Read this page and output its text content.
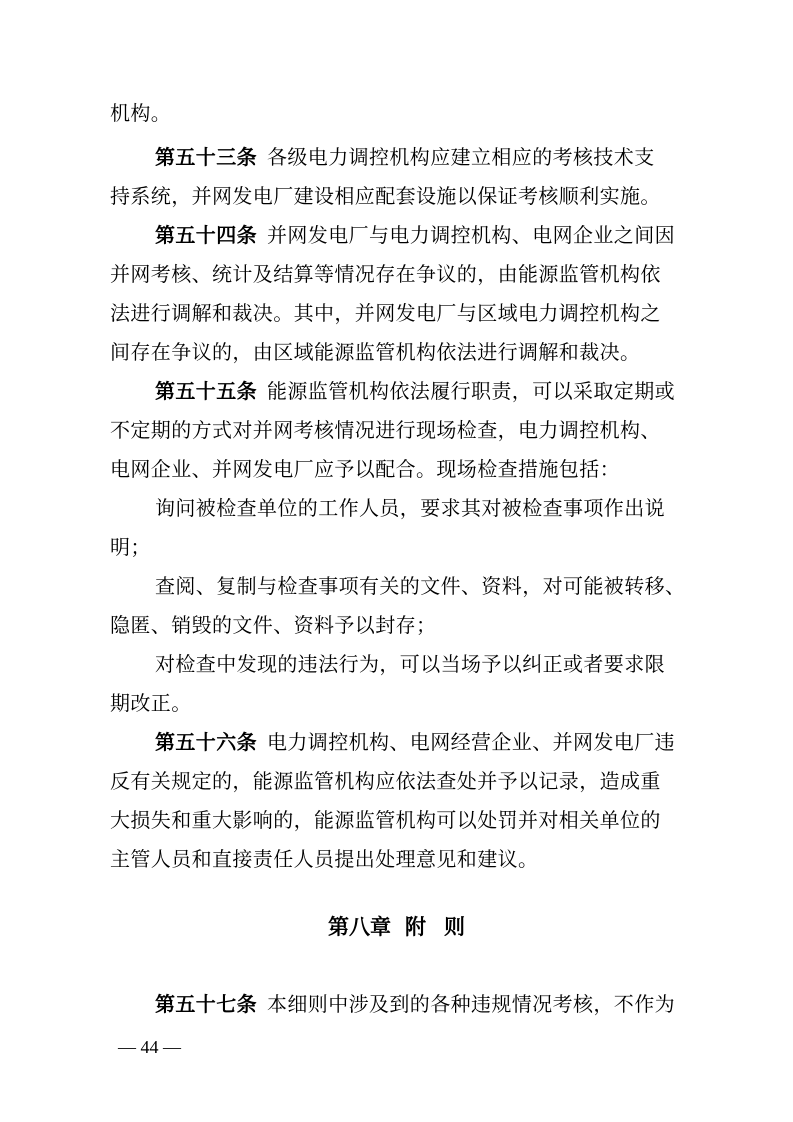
机构。
第五十三条 各级电力调控机构应建立相应的考核技术支
持系统，并网发电厂建设相应配套设施以保证考核顺利实施。
第五十四条 并网发电厂与电力调控机构、电网企业之间因
并网考核、统计及结算等情况存在争议的，由能源监管机构依
法进行调解和裁决。其中，并网发电厂与区域电力调控机构之
间存在争议的，由区域能源监管机构依法进行调解和裁决。
第五十五条 能源监管机构依法履行职责，可以采取定期或
不定期的方式对并网考核情况进行现场检查，电力调控机构、
电网企业、并网发电厂应予以配合。现场检查措施包括：
询问被检查单位的工作人员，要求其对被检查事项作出说
明；
查阅、复制与检查事项有关的文件、资料，对可能被转移、
隐匿、销毁的文件、资料予以封存；
对检查中发现的违法行为，可以当场予以纠正或者要求限
期改正。
第五十六条 电力调控机构、电网经营企业、并网发电厂违
反有关规定的，能源监管机构应依法查处并予以记录，造成重
大损失和重大影响的，能源监管机构可以处罚并对相关单位的
主管人员和直接责任人员提出处理意见和建议。
第八章 附 则
第五十七条 本细则中涉及到的各种违规情况考核，不作为
— 44 —
